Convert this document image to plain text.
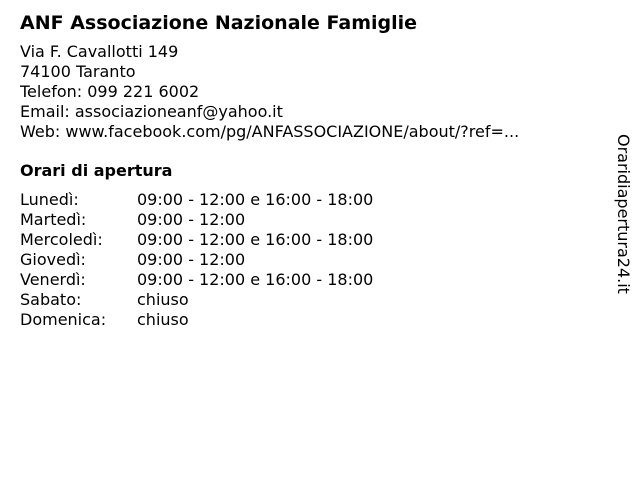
ANF Associazione Nazionale Famiglie
Via F. Cavallotti 149
74100 Taranto
Telefon: 099 221 6002
Email: associazioneanf@yahoo.it
Web: www.facebook.com/pg/ANFASSOCIAZIONE/about/?ref=...
Orari di apertura
Lunedì:	09:00 - 12:00 e 16:00 - 18:00
Martedì:	09:00 - 12:00
Mercoledì:	09:00 - 12:00 e 16:00 - 18:00
Giovedì:	09:00 - 12:00
Venerdì:	09:00 - 12:00 e 16:00 - 18:00
Sabato:	chiuso
Domenica:	chiuso
Oraridiapertura24.it
